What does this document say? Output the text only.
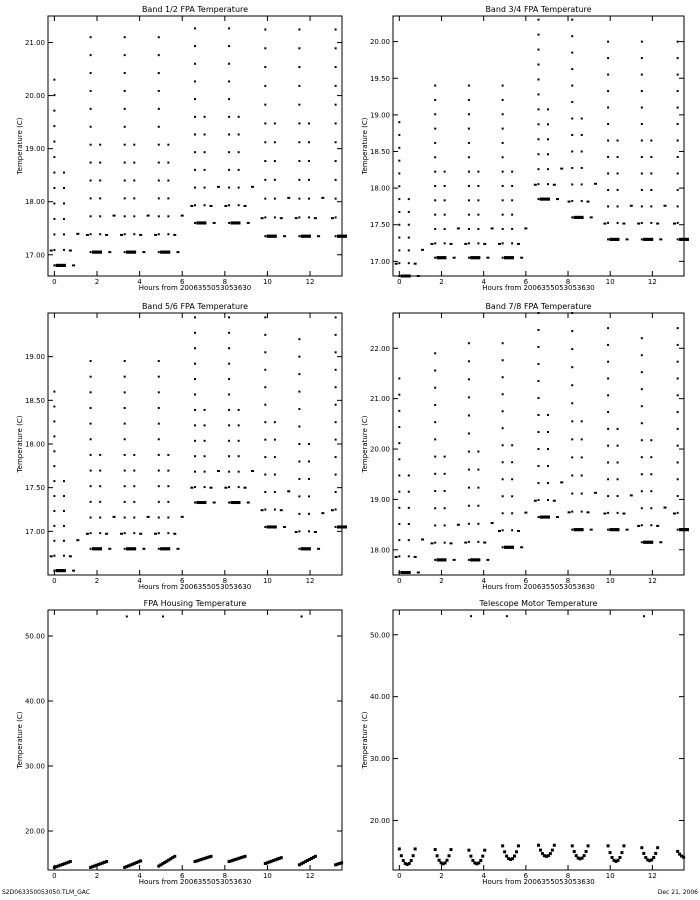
Band 1/2 FPA Temperature
Hours from 2006355053053630
Temperature (C)
0	2	4	6	8	10	12
17.00
18.00
19.00
20.00
21.00
Band 3/4 FPA Temperature
Hours from 2006355053053630
Temperature (C)
0	2	4	6	8	10	12
17.00
17.50
18.00
18.50
19.00
19.50
20.00
Band 5/6 FPA Temperature
Hours from 2006355053053630
Temperature (C)
0	2	4	6	8	10	12
17.00
17.50
18.00
18.50
19.00
Band 7/8 FPA Temperature
Hours from 2006355053053630
Temperature (C)
0	2	4	6	8	10	12
18.00
19.00
20.00
21.00
22.00
FPA Housing Temperature
Hours from 2006355053053630
Temperature (C)
0	2	4	6	8	10	12
20.00
30.00
40.00
50.00
Telescope Motor Temperature
Hours from 2006355053053630
Temperature (C)
0	2	4	6	8	10	12
20.00
30.00
40.00
50.00
S2D063350053050.TLM_GAC	Dec 21, 2006
